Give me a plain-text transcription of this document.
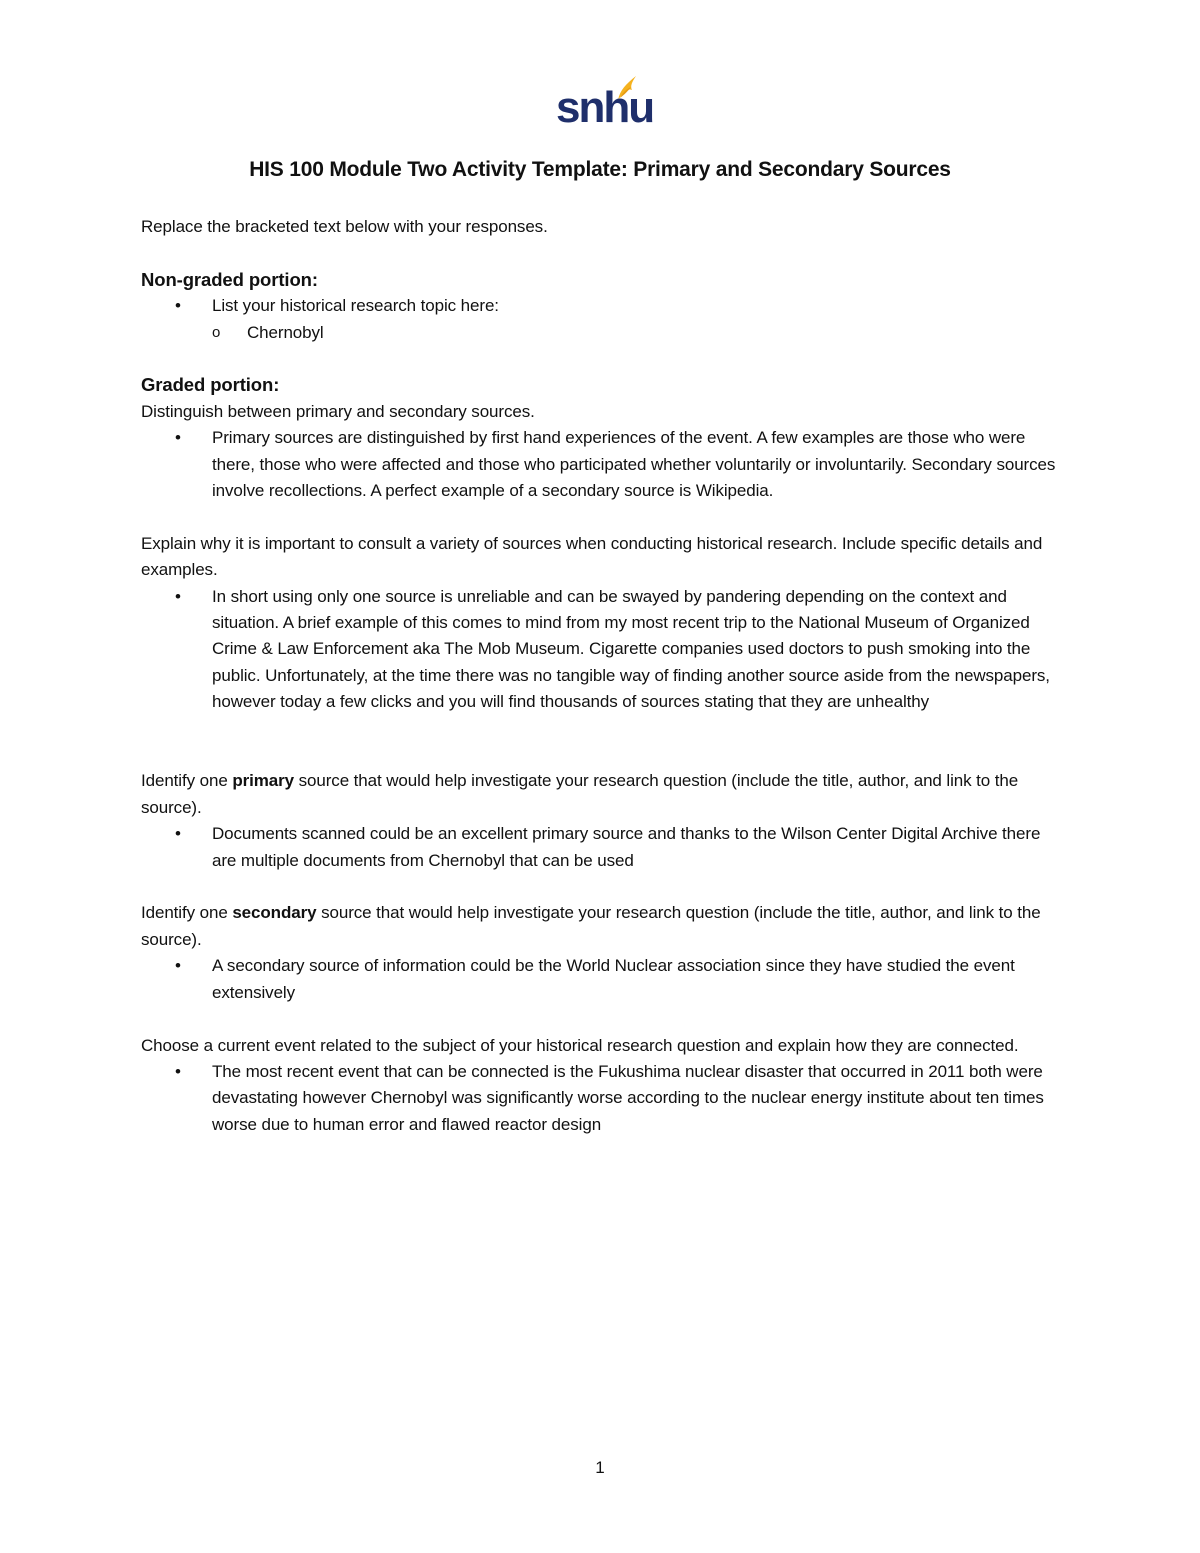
snhu
HIS 100 Module Two Activity Template: Primary and Secondary Sources

Replace the bracketed text below with your responses.

Non-graded portion:

• List your historical research topic here:
o Chernobyl

Graded portion:

Distinguish between primary and secondary sources.

• Primary sources are distinguished by first hand experiences of the event. A few examples are those who were there, those who were affected and those who participated whether voluntarily or involuntarily. Secondary sources involve recollections. A perfect example of a secondary source is Wikipedia.

Explain why it is important to consult a variety of sources when conducting historical research. Include specific details and examples.

• In short using only one source is unreliable and can be swayed by pandering depending on the context and situation. A brief example of this comes to mind from my most recent trip to the National Museum of Organized Crime & Law Enforcement aka The Mob Museum. Cigarette companies used doctors to push smoking into the public. Unfortunately, at the time there was no tangible way of finding another source aside from the newspapers, however today a few clicks and you will find thousands of sources stating that they are unhealthy

Identify one primary source that would help investigate your research question (include the title, author, and link to the source).

• Documents scanned could be an excellent primary source and thanks to the Wilson Center Digital Archive there are multiple documents from Chernobyl that can be used

Identify one secondary source that would help investigate your research question (include the title, author, and link to the source).

• A secondary source of information could be the World Nuclear association since they have studied the event extensively

Choose a current event related to the subject of your historical research question and explain how they are connected.

• The most recent event that can be connected is the Fukushima nuclear disaster that occurred in 2011 both were devastating however Chernobyl was significantly worse according to the nuclear energy institute about ten times worse due to human error and flawed reactor design
1
